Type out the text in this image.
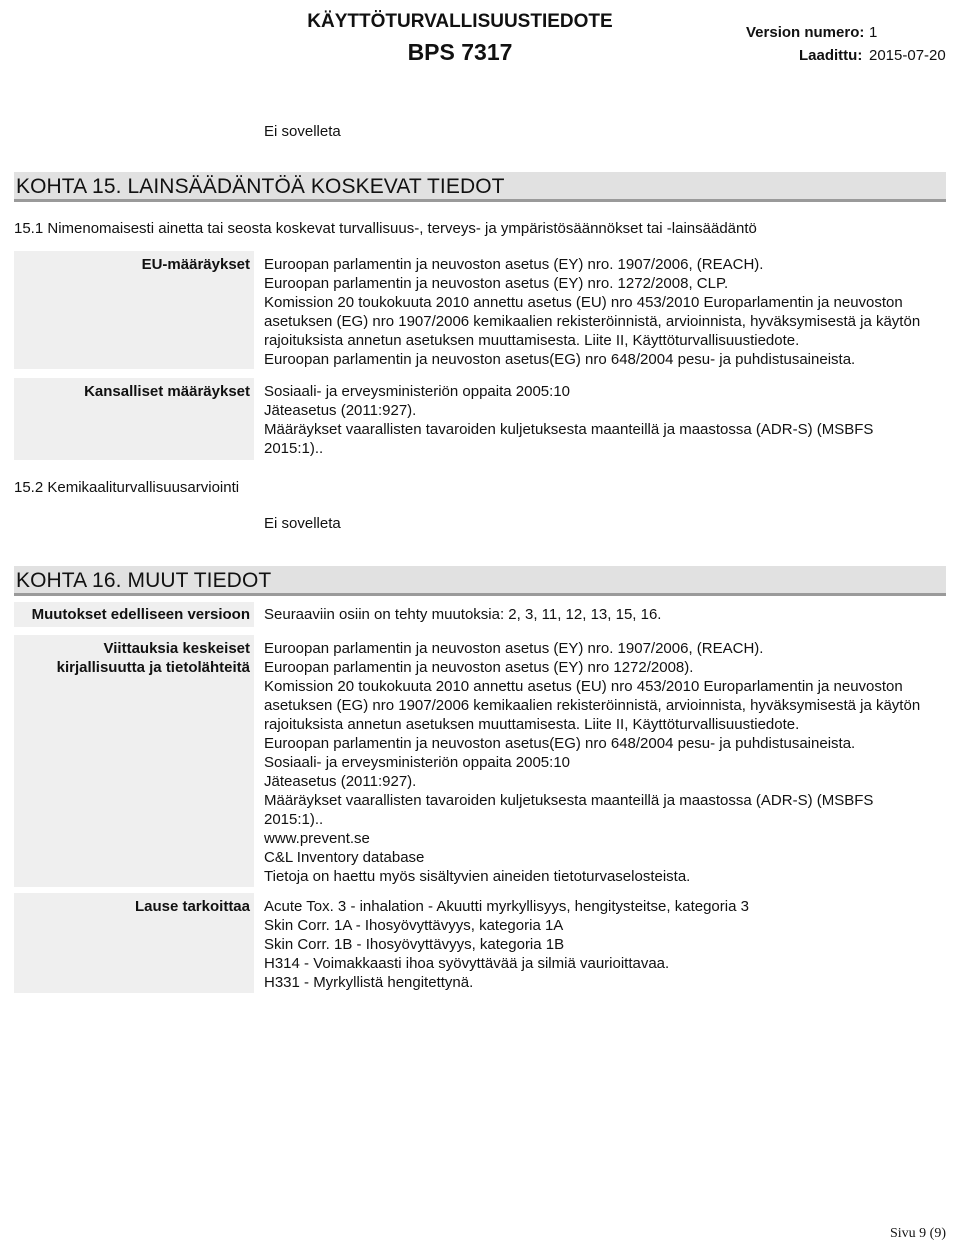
KÄYTTÖTURVALLISUUSTIEDOTE
BPS 7317
Version numero: 1
Laadittu: 2015-07-20
Ei sovelleta
KOHTA 15. LAINSÄÄDÄNTÖÄ KOSKEVAT TIEDOT
15.1 Nimenomaisesti ainetta tai seosta koskevat turvallisuus-, terveys- ja ympäristösäännökset tai -lainsäädäntö
EU-määräykset Euroopan parlamentin ja neuvoston asetus (EY) nro. 1907/2006, (REACH).
Euroopan parlamentin ja neuvoston asetus (EY) nro. 1272/2008, CLP.
Komission 20 toukokuuta 2010 annettu asetus (EU) nro 453/2010 Europarlamentin ja neuvoston
asetuksen (EG) nro 1907/2006 kemikaalien rekisteröinnistä, arvioinnista, hyväksymisestä ja käytön
rajoituksista annetun asetuksen muuttamisesta. Liite II, Käyttöturvallisuustiedote.
Euroopan parlamentin ja neuvoston asetus(EG) nro 648/2004 pesu- ja puhdistusaineista.
Kansalliset määräykset Sosiaali- ja erveysministeriön oppaita 2005:10
Jäteasetus (2011:927).
Määräykset vaarallisten tavaroiden kuljetuksesta maanteillä ja maastossa (ADR-S) (MSBFS
2015:1)..
15.2 Kemikaaliturvallisuusarviointi
Ei sovelleta
KOHTA 16. MUUT TIEDOT
Muutokset edelliseen versioon Seuraaviin osiin on tehty muutoksia: 2, 3, 11, 12, 13, 15, 16.
Viittauksia keskeiset
kirjallisuutta ja tietolähteitä
Euroopan parlamentin ja neuvoston asetus (EY) nro. 1907/2006, (REACH).
Euroopan parlamentin ja neuvoston asetus (EY) nro 1272/2008).
Komission 20 toukokuuta 2010 annettu asetus (EU) nro 453/2010 Europarlamentin ja neuvoston
asetuksen (EG) nro 1907/2006 kemikaalien rekisteröinnistä, arvioinnista, hyväksymisestä ja käytön
rajoituksista annetun asetuksen muuttamisesta. Liite II, Käyttöturvallisuustiedote.
Euroopan parlamentin ja neuvoston asetus(EG) nro 648/2004 pesu- ja puhdistusaineista.
Sosiaali- ja erveysministeriön oppaita 2005:10
Jäteasetus (2011:927).
Määräykset vaarallisten tavaroiden kuljetuksesta maanteillä ja maastossa (ADR-S) (MSBFS
2015:1)..
www.prevent.se
C&L Inventory database
Tietoja on haettu myös sisältyvien aineiden tietoturvaselosteista.
Lause tarkoittaa Acute Tox. 3 - inhalation - Akuutti myrkyllisyys, hengitysteitse, kategoria 3
Skin Corr. 1A - Ihosyövyttävyys, kategoria 1A
Skin Corr. 1B - Ihosyövyttävyys, kategoria 1B
H314 - Voimakkaasti ihoa syövyttävää ja silmiä vaurioittavaa.
H331 - Myrkyllistä hengitettynä.
Sivu 9 (9)
